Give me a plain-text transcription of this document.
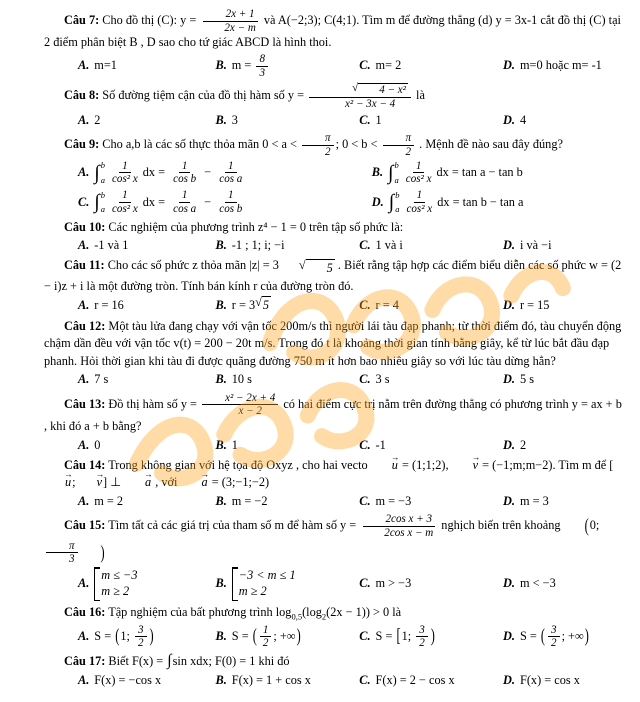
Câu 7: Cho đồ thị (C): $y = \frac{2x + 1}{2x - m}$ và A(−2;3); C(4;1). Tìm m để đường thẳng (d) y = 3x-1 cắt đồ thị (C) tại 2 điểm phân biệt B , D sao cho tứ giác ABCD là hình thoi.
A. m=1	B. $m = \frac{8}{3}$	C. m= 2	D. m=0 hoặc m= -1
Câu 8: Số đường tiệm cận của đồ thị hàm số y = √	4 − x²
x² − 3x − 4 là
A. 2	B. 3	C. 1	D. 4
Câu 9: Cho a,b là các số thực thỏa mãn $0 < a < \frac{\pi}{2}$ ; $0 < b < \frac{\pi}{2}$ . Mệnh đề nào sau đây đúng?
A. ∫ b
a $\frac{1}{\text{cos² x}}$ dx = $\frac{1}{\text{cos b}} - \frac{1}{\text{cos a}}$	B. ∫ b
a $\frac{1}{\text{cos² x}}$ dx = tan a − tan b
C. ∫ b
a $\frac{1}{\text{cos² x}}$ dx = $\frac{1}{\text{cos a}} - \frac{1}{\text{cos b}}$	D. ∫ b
a $\frac{1}{\text{cos² x}}$ dx = tan b − tan a
Câu 10: Các nghiệm của phương trình z⁴ − 1 = 0 trên tập số phức là:
A. -1 và 1	B. -1 ; 1; i; −i	C. 1 và i	D. i và −i
Câu 11: Cho các số phức z thỏa mãn |z| = 3	√	5 . Biết rằng tập hợp các điểm biểu diễn các số phức w = (2 − i)z + i là một đường tròn. Tính bán kính r của đường tròn đó.
A. r = 16	B. r = 3 √ 5	C. r = 4	D. r = 15
Câu 12: Một tàu lửa đang chạy với vận tốc 200m/s thì người lái tàu đạp phanh; từ thời điểm đó, tàu chuyển động chậm dần đều với vận tốc v(t) = 200 − 20t m/s. Trong đó t là khoảng thời gian tính bằng giây, kể từ lúc bắt đầu đạp phanh. Hỏi thời gian khi tàu đi được quãng đường 750 m ít hơn bao nhiêu giây so với lúc tàu dừng hẳn?
A. 7 s	B. 10 s	C. 3 s	D. 5 s
Câu 13: Đồ thị hàm số $y = \frac{\text{x² − 2x + 4}}{x - 2}$ có hai điểm cực trị nằm trên đường thẳng có phương trình y = ax + b , khi đó a + b bằng?
A. 0	B. 1	C. -1	D. 2
Câu 14: Trong không gian với hệ tọa độ Oxyz , cho hai vecto → u = (1;1;2), → v = (−1;m;m−2). Tìm m để [→ u; → v] ⊥ → a , với → a = (3;−1;−2)
A. m = 2	B. m = −2	C. m = −3	D. m = 3
Câu 15: Tìm tất cả các giá trị của tham số m để hàm số $y = \frac{\text{2cos x + 3}}{\text{2cos x − m}}$ nghịch biến trên khoảng (0;
$\frac{\pi}{3}$ )
A.
m ≤ −3
m ≥ 2
B.
−3 < m ≤ 1
m ≥ 2
C. m > −3	D. m < −3
Câu 16: Tập nghiệm của bất phương trình $\log_{0,5}(\log_2(2x - 1)) > 0$ là
A. S = ( 1; $\frac{3}{2}$ )	B. S = ( $\frac{1}{2}$ ; +∞ )	C. S = [ 1; $\frac{3}{2}$ )	D. S = ( $\frac{3}{2}$ ; +∞ )
Câu 17: Biết F(x) = ∫sin xdx; F(0) = 1 khi đó
A. F(x) = −cos x	B. F(x) = 1 + cos x	C. F(x) = 2 − cos x	D. F(x) = cos x
